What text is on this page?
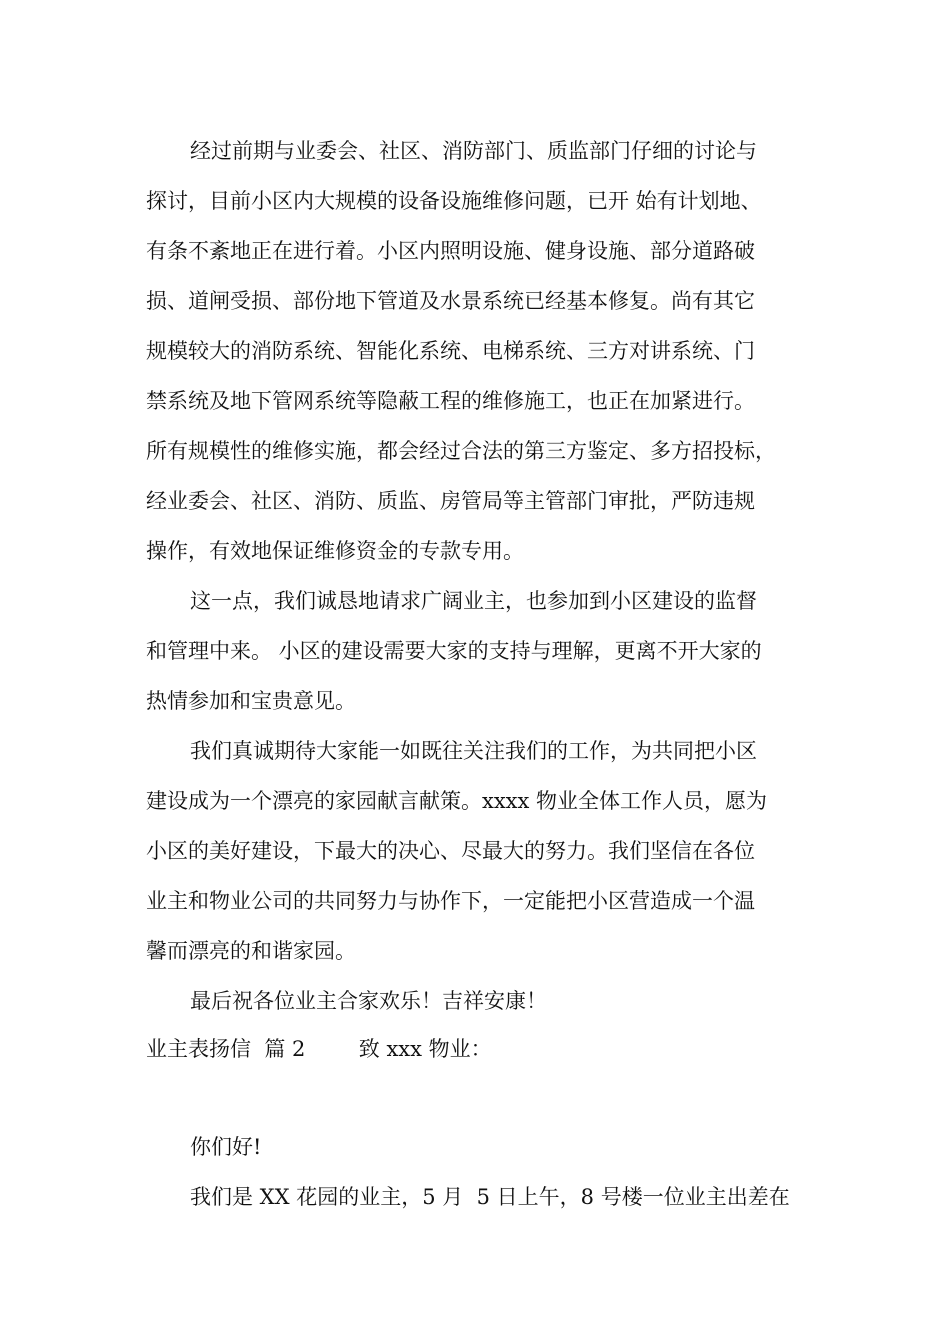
经过前期与业委会、社区、消防部门、质监部门仔细的讨论与

探讨，目前小区内大规模的设备设施维修问题，已开 始有计划地、

有条不紊地正在进行着。小区内照明设施、健身设施、部分道路破

损、道闸受损、部份地下管道及水景系统已经基本修复。尚有其它

规模较大的消防系统、智能化系统、电梯系统、三方对讲系统、门

禁系统及地下管网系统等隐蔽工程的维修施工，也正在加紧进行。

所有规模性的维修实施，都会经过合法的第三方鉴定、多方招投标，

经业委会、社区、消防、质监、房管局等主管部门审批，严防违规

操作，有效地保证维修资金的专款专用。

这一点，我们诚恳地请求广阔业主，也参加到小区建设的监督

和管理中来。 小区的建设需要大家的支持与理解，更离不开大家的

热情参加和宝贵意见。

我们真诚期待大家能一如既往关注我们的工作，为共同把小区

建设成为一个漂亮的家园献言献策。xxxx 物业全体工作人员，愿为

小区的美好建设，下最大的决心、尽最大的努力。我们坚信在各位

业主和物业公司的共同努力与协作下，一定能把小区营造成一个温

馨而漂亮的和谐家园。

最后祝各位业主合家欢乐！吉祥安康！

业主表扬信  篇 2        致 xxx 物业：

你们好!

我们是 XX 花园的业主，5 月  5 日上午，8 号楼一位业主出差在
